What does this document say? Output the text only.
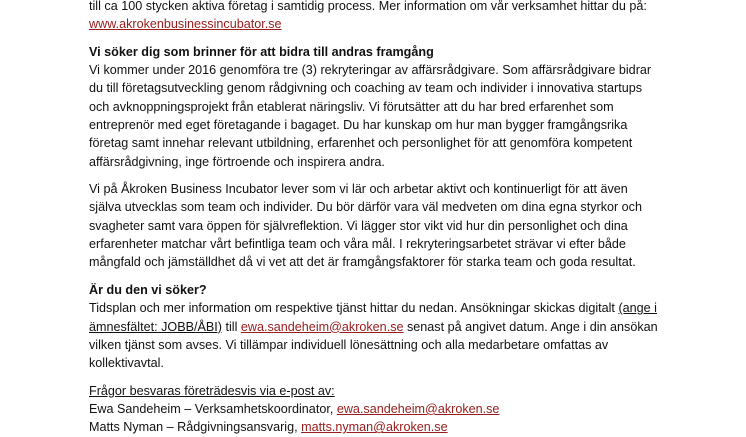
till ca 100 stycken aktiva företag i samtidig process. Mer information om vår verksamhet hittar du på:
www.akrokenbusinessincubator.se
Vi söker dig som brinner för att bidra till andras framgång
Vi kommer under 2016 genomföra tre (3) rekryteringar av affärsrådgivare. Som affärsrådgivare bidrar
du till företagsutveckling genom rådgivning och coaching av team och individer i innovativa startups
och avknoppningsprojekt från etablerat näringsliv. Vi förutsätter att du har bred erfarenhet som
entreprenör med eget företagande i bagaget. Du har kunskap om hur man bygger framgångsrika
företag samt innehar relevant utbildning, erfarenhet och personlighet för att genomföra kompetent
affärsrådgivning, inge förtroende och inspirera andra.
Vi på Åkroken Business Incubator lever som vi lär och arbetar aktivt och kontinuerligt för att även
själva utvecklas som team och individer. Du bör därför vara väl medveten om dina egna styrkor och
svagheter samt vara öppen för självreflektion. Vi lägger stor vikt vid hur din personlighet och dina
erfarenheter matchar vårt befintliga team och våra mål. I rekryteringsarbetet strävar vi efter både
mångfald och jämställdhet då vi vet att det är framgångsfaktorer för starka team och goda resultat.
Är du den vi söker?
Tidsplan och mer information om respektive tjänst hittar du nedan. Ansökningar skickas digitalt (ange i
ämnesfältet: JOBB/ÅBI) till ewa.sandeheim@akroken.se senast på angivet datum. Ange i din ansökan
vilken tjänst som avses. Vi tillämpar individuell lönesättning och alla medarbetare omfattas av
kollektivavtal.
Frågor besvaras företrädesvis via e-post av:
Ewa Sandeheim – Verksamhetskoordinator, ewa.sandeheim@akroken.se
Matts Nyman – Rådgivningsansvarig, matts.nyman@akroken.se
